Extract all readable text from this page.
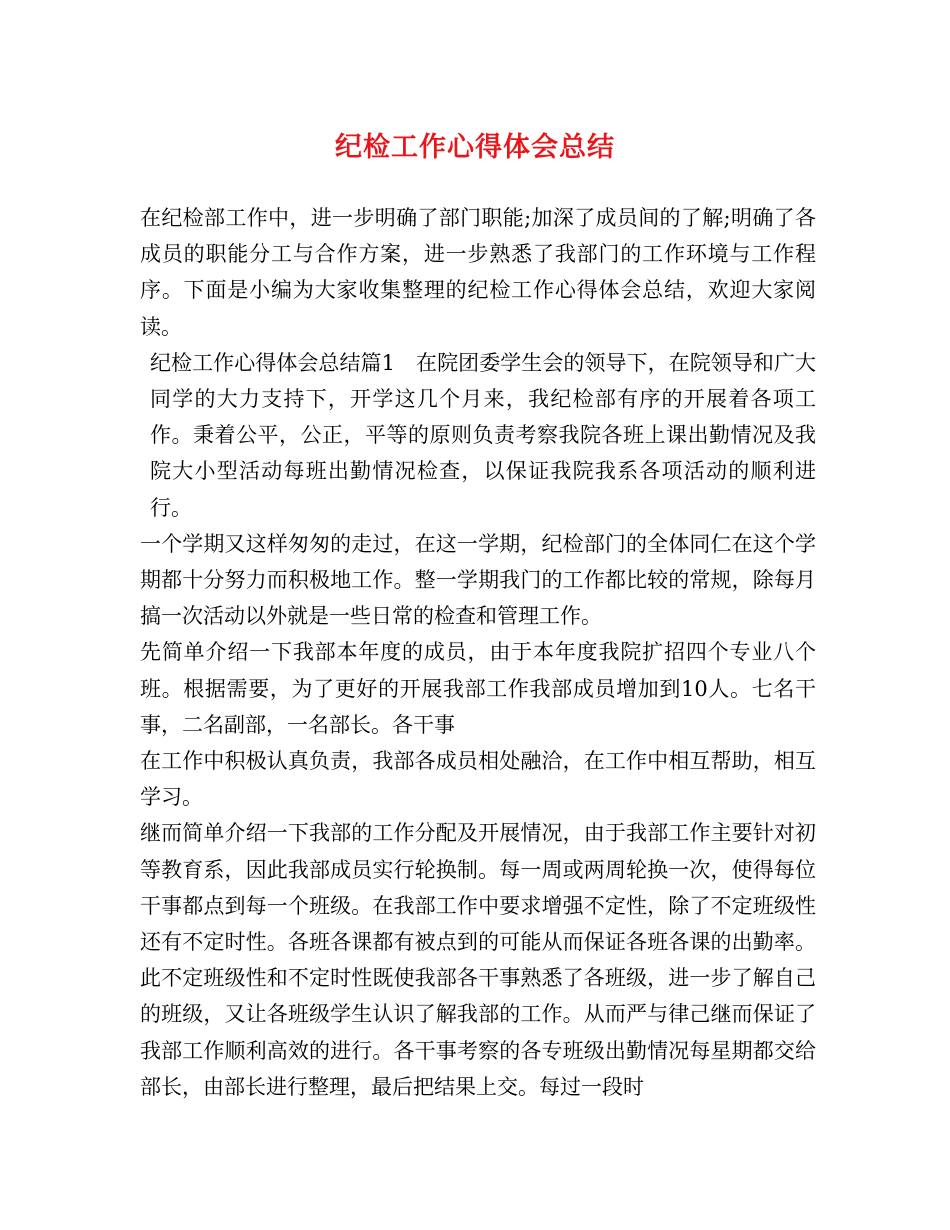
纪检工作心得体会总结

在纪检部工作中，进一步明确了部门职能;加深了成员间的了解;明确了各成员的职能分工与合作方案，进一步熟悉了我部门的工作环境与工作程序。下面是小编为大家收集整理的纪检工作心得体会总结，欢迎大家阅读。

纪检工作心得体会总结篇1　在院团委学生会的领导下，在院领导和广大同学的大力支持下，开学这几个月来，我纪检部有序的开展着各项工作。秉着公平，公正，平等的原则负责考察我院各班上课出勤情况及我院大小型活动每班出勤情况检查，以保证我院我系各项活动的顺利进行。

一个学期又这样匆匆的走过，在这一学期，纪检部门的全体同仁在这个学期都十分努力而积极地工作。整一学期我门的工作都比较的常规，除每月搞一次活动以外就是一些日常的检查和管理工作。

先简单介绍一下我部本年度的成员，由于本年度我院扩招四个专业八个班。根据需要，为了更好的开展我部工作我部成员增加到10人。七名干事，二名副部，一名部长。各干事

在工作中积极认真负责，我部各成员相处融洽，在工作中相互帮助，相互学习。

继而简单介绍一下我部的工作分配及开展情况，由于我部工作主要针对初等教育系，因此我部成员实行轮换制。每一周或两周轮换一次，使得每位干事都点到每一个班级。在我部工作中要求增强不定性，除了不定班级性还有不定时性。各班各课都有被点到的可能从而保证各班各课的出勤率。此不定班级性和不定时性既使我部各干事熟悉了各班级，进一步了解自己的班级，又让各班级学生认识了解我部的工作。从而严与律己继而保证了我部工作顺利高效的进行。各干事考察的各专班级出勤情况每星期都交给部长，由部长进行整理，最后把结果上交。每过一段时
